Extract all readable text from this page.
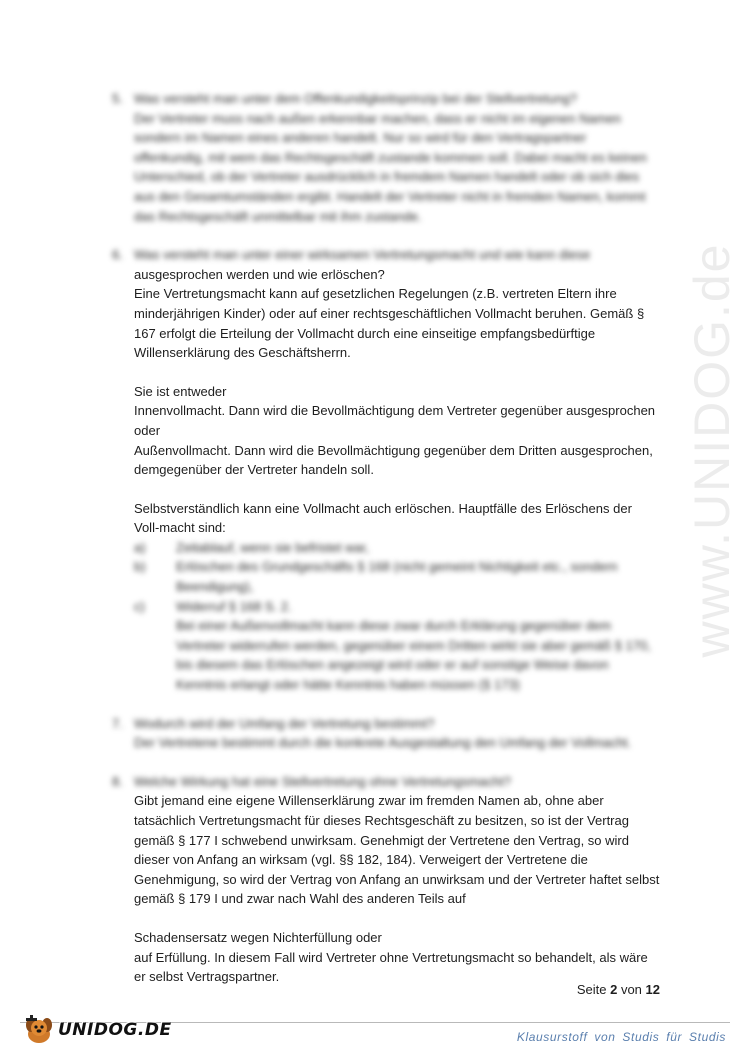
www.UNIDOG.de
5. Was versteht man unter dem Offenkundigkeitsprinzip bei der Stellvertretung?
Der Vertreter muss nach außen erkennbar machen, dass er nicht im eigenen Namen sondern im Namen eines anderen handelt. Nur so wird für den Vertragspartner offenkundig, mit wem das Rechtsgeschäft zustande kommen soll. Dabei macht es keinen Unterschied, ob der Vertreter ausdrücklich in fremdem Namen handelt oder ob sich dies aus den Gesamtumständen ergibt. Handelt der Vertreter nicht in fremden Namen, kommt das Rechtsgeschäft unmittelbar mit ihm zustande.
6. Was versteht man unter einer wirksamen Vertretungsmacht und wie kann diese
ausgesprochen werden und wie erlöschen?
Eine Vertretungsmacht kann auf gesetzlichen Regelungen (z.B. vertreten Eltern ihre minderjährigen Kinder) oder auf einer rechtsgeschäftlichen Vollmacht beruhen. Gemäß § 167 erfolgt die Erteilung der Vollmacht durch eine einseitige empfangsbedürftige Willenserklärung des Geschäftsherrn.
Sie ist entweder
Innenvollmacht. Dann wird die Bevollmächtigung dem Vertreter gegenüber ausgesprochen
oder
Außenvollmacht. Dann wird die Bevollmächtigung gegenüber dem Dritten ausgesprochen, demgegenüber der Vertreter handeln soll.
Selbstverständlich kann eine Vollmacht auch erlöschen. Hauptfälle des Erlöschens der Voll-macht sind:
a)	Zeitablauf, wenn sie befristet war,
b)	Erlöschen des Grundgeschäfts § 168 (nicht gemeint Nichtigkeit etc., sondern Beendigung),
c)	Widerruf § 168 S. 2.
Bei einer Außenvollmacht kann diese zwar durch Erklärung gegenüber dem Vertreter widerrufen werden, gegenüber einem Dritten wirkt sie aber gemäß § 170, bis diesem das Erlöschen angezeigt wird oder er auf sonstige Weise davon Kenntnis erlangt oder hätte Kenntnis haben müssen (§ 173)
7. Wodurch wird der Umfang der Vertretung bestimmt?
Der Vertretene bestimmt durch die konkrete Ausgestaltung den Umfang der Vollmacht.
8. Welche Wirkung hat eine Stellvertretung ohne Vertretungsmacht?
Gibt jemand eine eigene Willenserklärung zwar im fremden Namen ab, ohne aber tatsächlich Vertretungsmacht für dieses Rechtsgeschäft zu besitzen, so ist der Vertrag gemäß § 177 I schwebend unwirksam. Genehmigt der Vertretene den Vertrag, so wird dieser von Anfang an wirksam (vgl. §§ 182, 184). Verweigert der Vertretene die Genehmigung, so wird der Vertrag von Anfang an unwirksam und der Vertreter haftet selbst gemäß § 179 I und zwar nach Wahl des anderen Teils auf
Schadensersatz wegen Nichterfüllung oder
auf Erfüllung. In diesem Fall wird Vertreter ohne Vertretungsmacht so behandelt, als wäre er selbst Vertragspartner.
Seite 2 von 12
UNIDOG.DE	Klausurstoff von Studis für Studis
